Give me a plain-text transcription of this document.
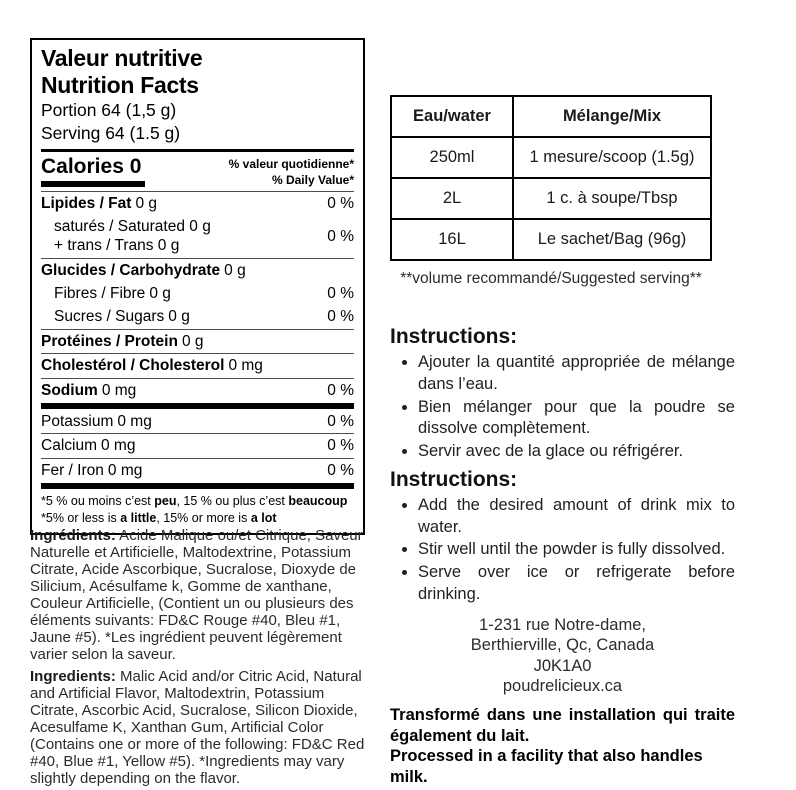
Valeur nutritive
Nutrition Facts
Portion 64 (1,5 g)
Serving 64 (1.5 g)
Calories 0	% valeur quotidienne*
% Daily Value*
Lipides / Fat 0 g	0 %
saturés / Saturated 0 g
+ trans / Trans 0 g
0 %
Glucides / Carbohydrate 0 g
Fibres / Fibre 0 g	0 %
Sucres / Sugars 0 g	0 %
Protéines / Protein 0 g
Cholestérol / Cholesterol 0 mg
Sodium 0 mg	0 %
Potassium 0 mg	0 %
Calcium 0 mg	0 %
Fer / Iron 0 mg	0 %
*5 % ou moins c’est peu, 15 % ou plus c’est beaucoup
*5% or less is a little, 15% or more is a lot

Ingrédients: Acide Malique ou/et Citrique, Saveur Naturelle et Artificielle, Maltodextrine, Potassium Citrate, Acide Ascorbique, Sucralose, Dioxyde de Silicium, Acésulfame k, Gomme de xanthane, Couleur Artificielle, (Contient un ou plusieurs des éléments suivants: FD&C Rouge #40, Bleu #1, Jaune #5). *Les ingrédient peuvent légèrement varier selon la saveur.

Ingredients: Malic Acid and/or Citric Acid, Natural and Artificial Flavor, Maltodextrin, Potassium Citrate, Ascorbic Acid, Sucralose, Silicon Dioxide, Acesulfame K, Xanthan Gum, Artificial Color (Contains one or more of the following: FD&C Red #40, Blue #1, Yellow #5). *Ingredients may vary slightly depending on the flavor.

Eau/water	Mélange/Mix
250ml	1 mesure/scoop (1.5g)
2L	1 c. à soupe/Tbsp
16L	Le sachet/Bag (96g)
**volume recommandé/Suggested serving**
Instructions:
• Ajouter la quantité appropriée de mélange dans l’eau.
• Bien mélanger pour que la poudre se dissolve complètement.
• Servir avec de la glace ou réfrigérer.
Instructions:
• Add the desired amount of drink mix to water.
• Stir well until the powder is fully dissolved.
• Serve over ice or refrigerate before drinking.
1-231 rue Notre-dame,
Berthierville, Qc, Canada
J0K1A0
poudrelicieux.ca
Transformé dans une installation qui traite également du lait.
Processed in a facility that also handles milk.
